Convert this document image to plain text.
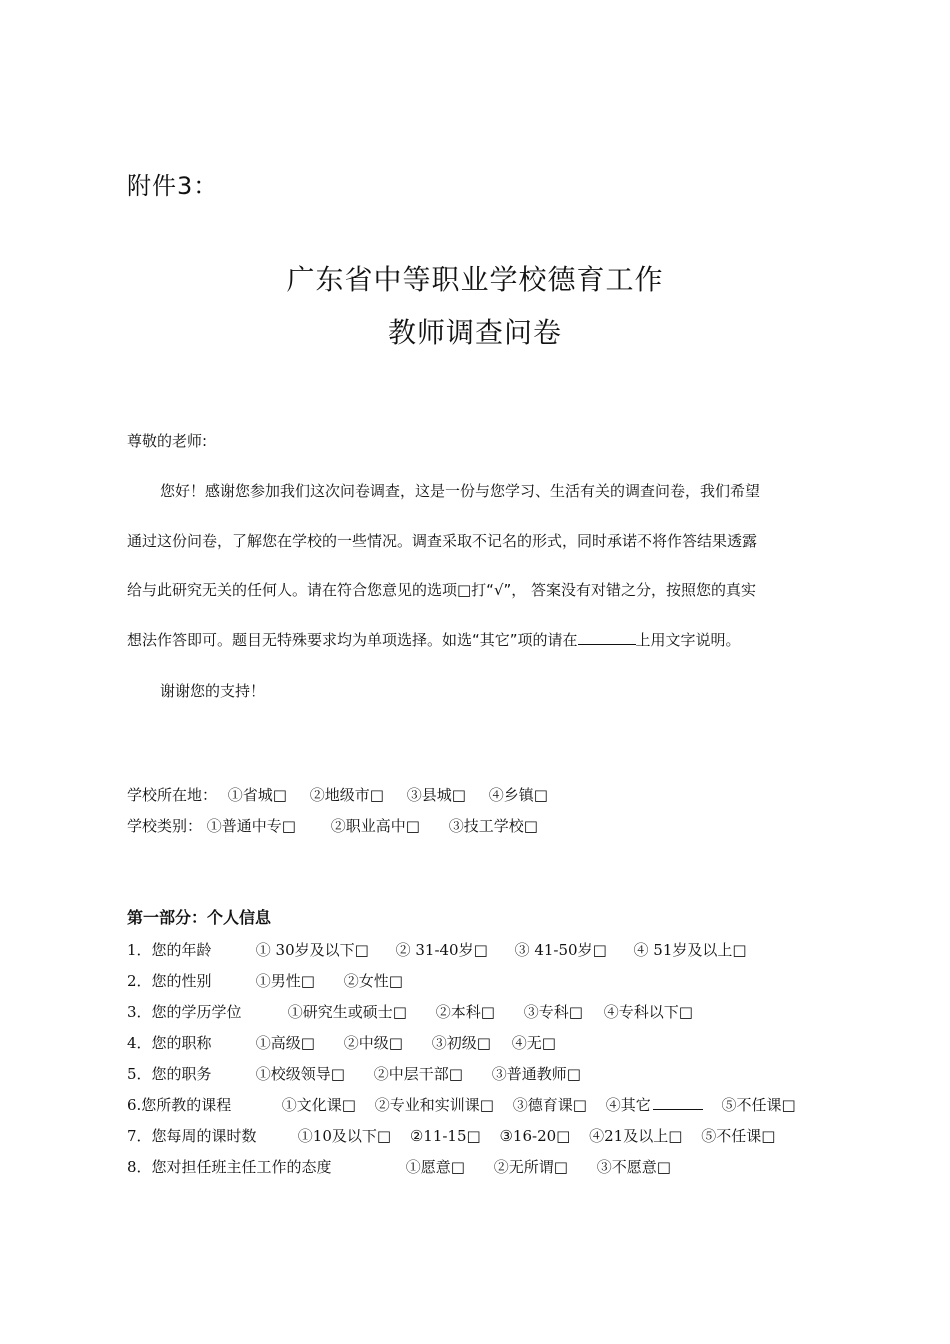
附件3：
广东省中等职业学校德育工作
教师调查问卷
尊敬的老师:
您好！感谢您参加我们这次问卷调查，这是一份与您学习、生活有关的调查问卷，我们希望
通过这份问卷，了解您在学校的一些情况。调查采取不记名的形式，同时承诺不将作答结果透露
给与此研究无关的任何人。请在符合您意见的选项□打“√”， 答案没有对错之分，按照您的真实
想法作答即可。题目无特殊要求均为单项选择。如选“其它”项的请在	上用文字说明。
谢谢您的支持！
学校所在地： ①省城□ ②地级市□ ③县城□ ④乡镇□
学校类别： ①普通中专□ ②职业高中□ ③技工学校□
第一部分：个人信息
1．您的年龄	① 30岁及以下□ ② 31-40岁□ ③ 41-50岁□ ④ 51岁及以上□
2．您的性别	①男性□ ②女性□
3．您的学历学位	①研究生或硕士□ ②本科□ ③专科□ ④专科以下□
4．您的职称	①高级□ ②中级□ ③初级□ ④无□
5．您的职务	①校级领导□ ②中层干部□ ③普通教师□
6.您所教的课程	①文化课□ ②专业和实训课□ ③德育课□ ④其它	⑤不任课□
7．您每周的课时数	①10及以下□ ②11-15□ ③16-20□ ④21及以上□ ⑤不任课□
8．您对担任班主任工作的态度	①愿意□ ②无所谓□ ③不愿意□
